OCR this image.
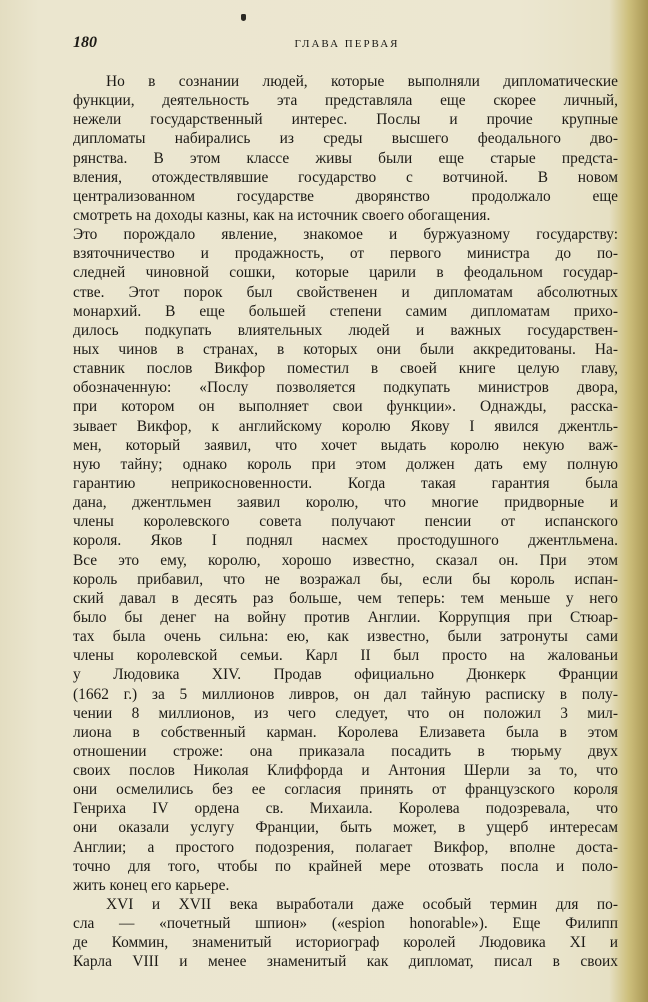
180	ГЛАВА ПЕРВАЯ
Но в сознании людей, которые выполняли дипломатические
функции, деятельность эта представляла еще скорее личный,
нежели государственный интерес. Послы и прочие крупные
дипломаты набирались из среды высшего феодального дво-
рянства. В этом классе живы были еще старые предста-
вления, отождествлявшие государство с вотчиной. В новом
централизованном государстве дворянство продолжало еще
смотреть на доходы казны, как на источник своего обогащения.
Это порождало явление, знакомое и буржуазному государству:
взяточничество и продажность, от первого министра до по-
следней чиновной сошки, которые царили в феодальном государ-
стве. Этот порок был свойственен и дипломатам абсолютных
монархий. В еще большей степени самим дипломатам прихо-
дилось подкупать влиятельных людей и важных государствен-
ных чинов в странах, в которых они были аккредитованы. На-
ставник послов Викфор поместил в своей книге целую главу,
обозначенную: «Послу позволяется подкупать министров двора,
при котором он выполняет свои функции». Однажды, расска-
зывает Викфор, к английскому королю Якову I явился джентль-
мен, который заявил, что хочет выдать королю некую важ-
ную тайну; однако король при этом должен дать ему полную
гарантию неприкосновенности. Когда такая гарантия была
дана, джентльмен заявил королю, что многие придворные и
члены королевского совета получают пенсии от испанского
короля. Яков I поднял насмех простодушного джентльмена.
Все это ему, королю, хорошо известно, сказал он. При этом
король прибавил, что не возражал бы, если бы король испан-
ский давал в десять раз больше, чем теперь: тем меньше у него
было бы денег на войну против Англии. Коррупция при Стюар-
тах была очень сильна: ею, как известно, были затронуты сами
члены королевской семьи. Карл II был просто на жалованьи
у Людовика XIV. Продав официально Дюнкерк Франции
(1662 г.) за 5 миллионов ливров, он дал тайную расписку в полу-
чении 8 миллионов, из чего следует, что он положил 3 мил-
лиона в собственный карман. Королева Елизавета была в этом
отношении строже: она приказала посадить в тюрьму двух
своих послов Николая Клиффорда и Антония Шерли за то, что
они осмелились без ее согласия принять от французского короля
Генриха IV ордена св. Михаила. Королева подозревала, что
они оказали услугу Франции, быть может, в ущерб интересам
Англии; а простого подозрения, полагает Викфор, вполне доста-
точно для того, чтобы по крайней мере отозвать посла и поло-
жить конец его карьере.
XVI и XVII века выработали даже особый термин для по-
сла — «почетный шпион» («espion honorable»). Еще Филипп
де Коммин, знаменитый историограф королей Людовика XI и
Карла VIII и менее знаменитый как дипломат, писал в своих
